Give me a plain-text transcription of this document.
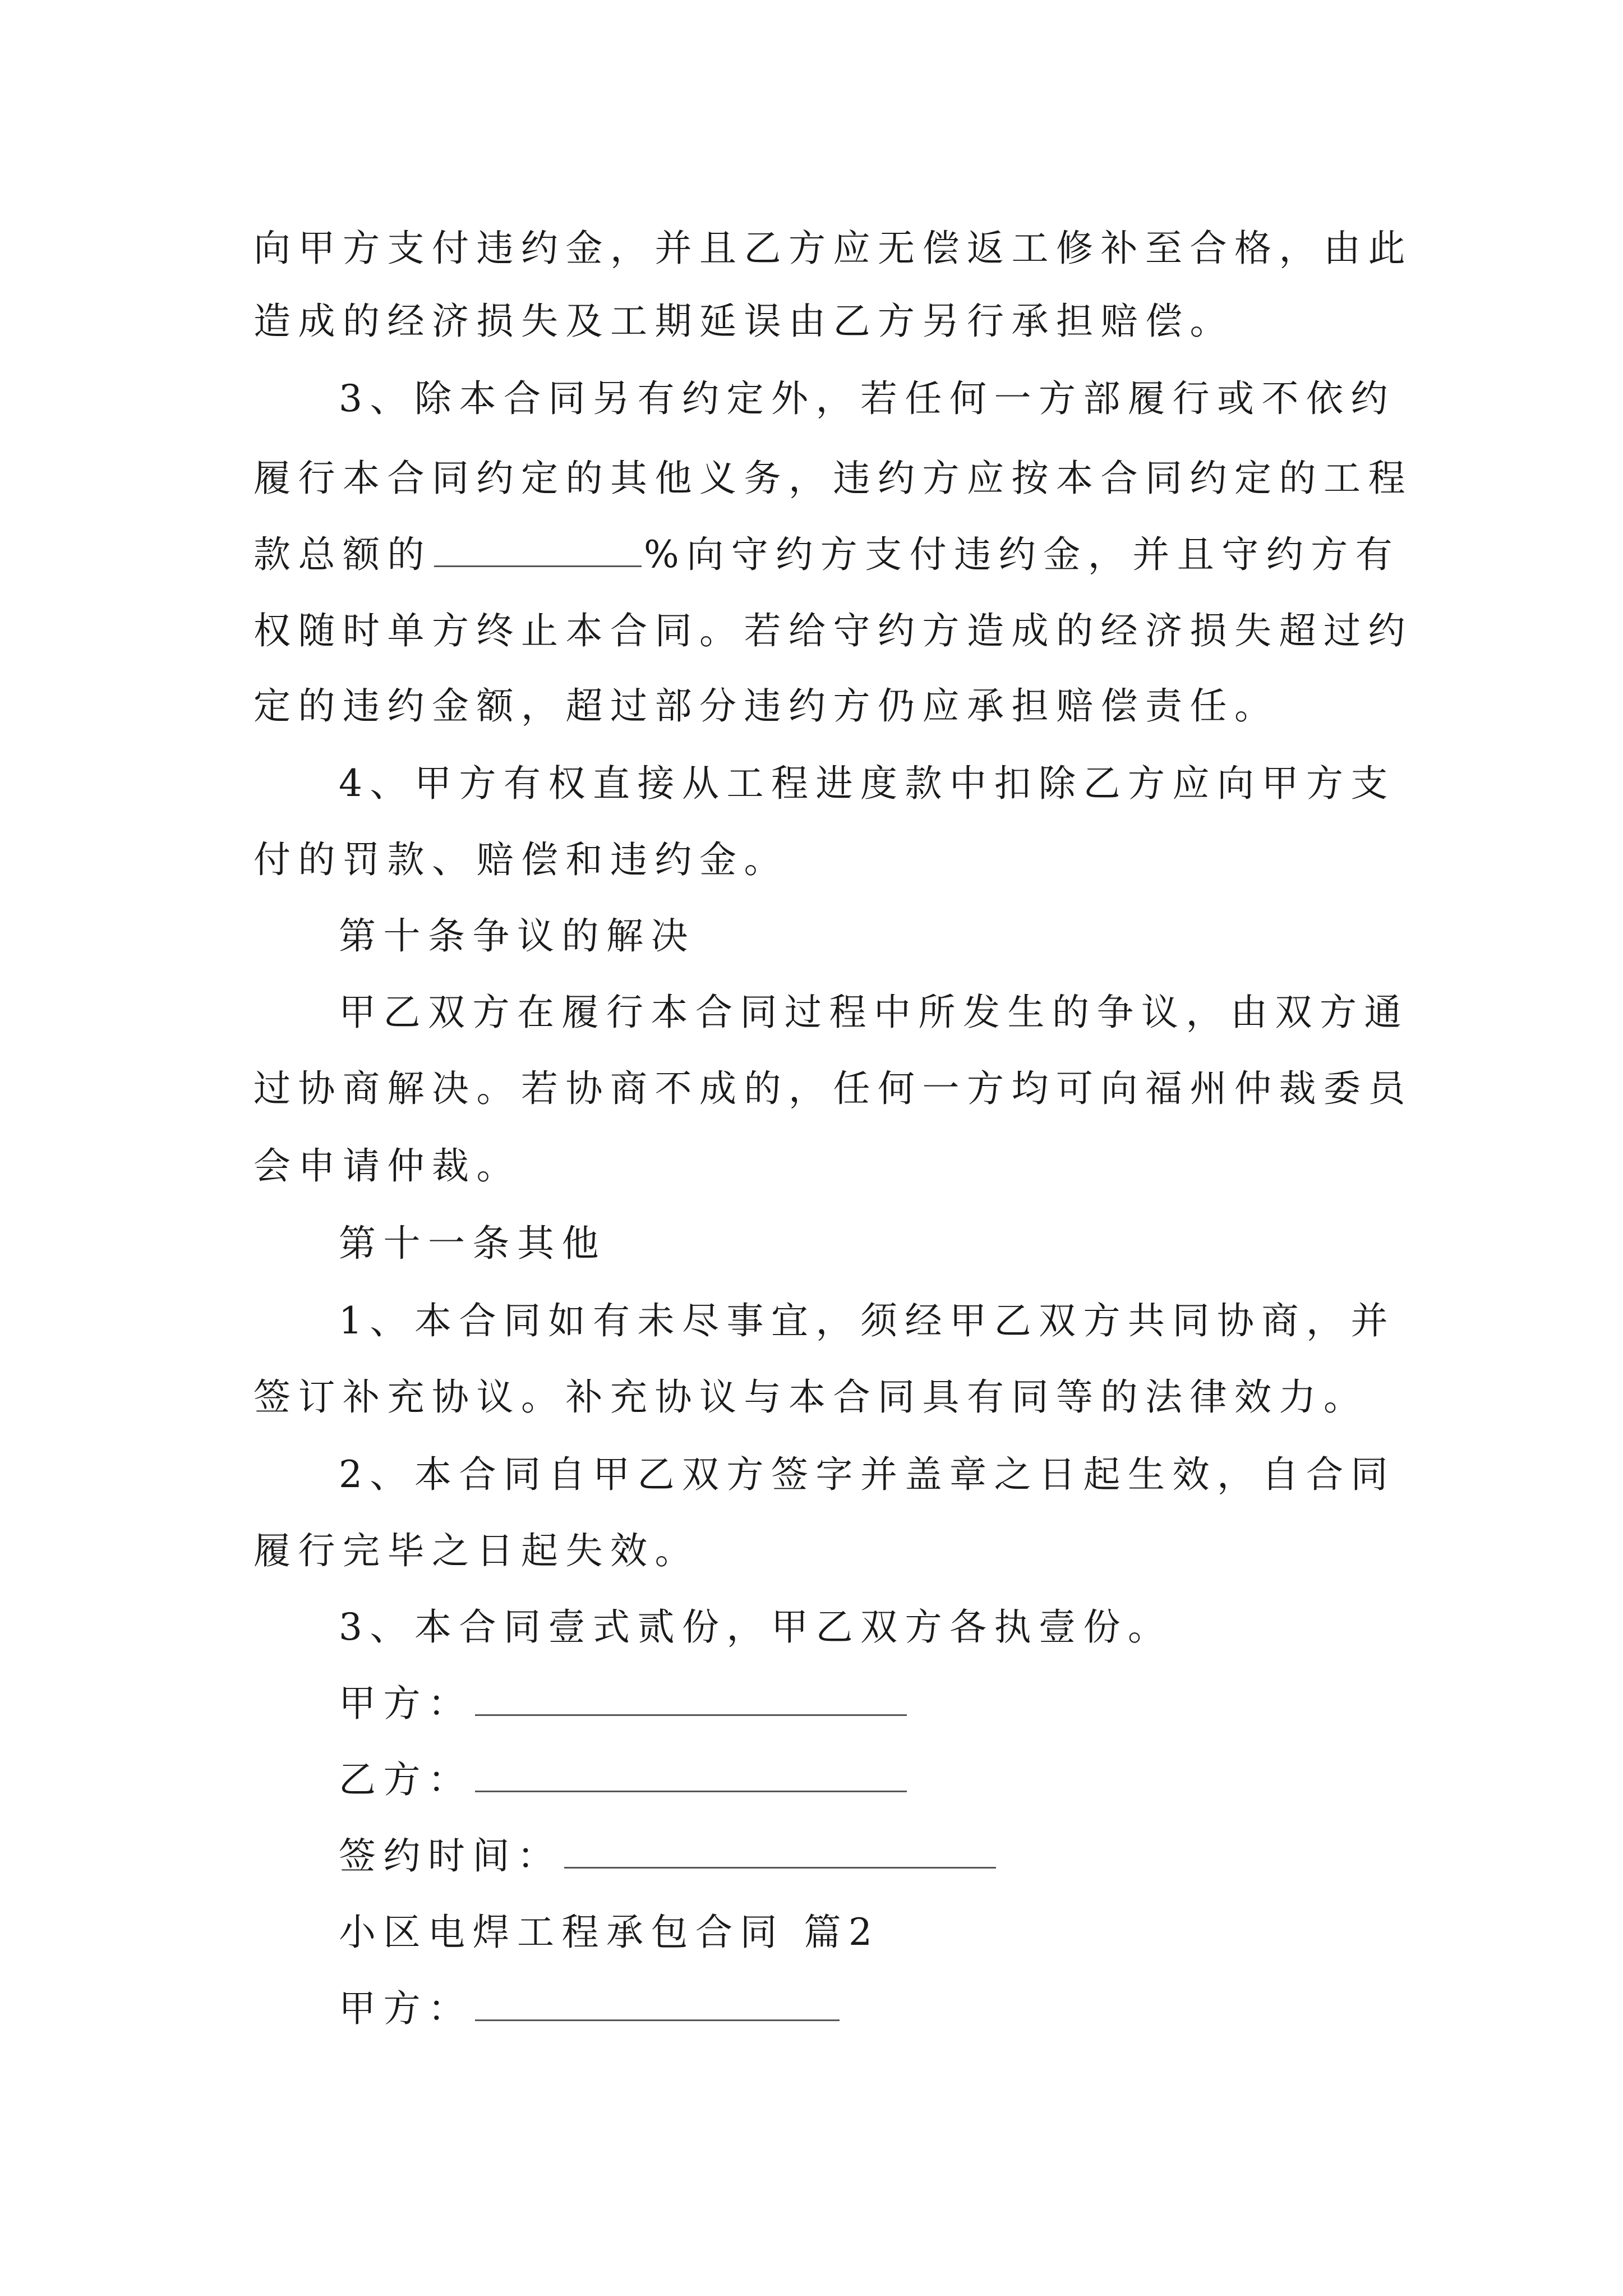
向甲方支付违约金，并且乙方应无偿返工修补至合格，由此
造成的经济损失及工期延误由乙方另行承担赔偿。
3、除本合同另有约定外，若任何一方部履行或不依约
履行本合同约定的其他义务，违约方应按本合同约定的工程
款总额的	%向守约方支付违约金，并且守约方有
权随时单方终止本合同。若给守约方造成的经济损失超过约
定的违约金额，超过部分违约方仍应承担赔偿责任。
4、甲方有权直接从工程进度款中扣除乙方应向甲方支
付的罚款、赔偿和违约金。
第十条争议的解决
甲乙双方在履行本合同过程中所发生的争议，由双方通
过协商解决。若协商不成的，任何一方均可向福州仲裁委员
会申请仲裁。
第十一条其他
1、本合同如有未尽事宜，须经甲乙双方共同协商，并
签订补充协议。补充协议与本合同具有同等的法律效力。
2、本合同自甲乙双方签字并盖章之日起生效，自合同
履行完毕之日起失效。
3、本合同壹式贰份，甲乙双方各执壹份。
甲方：
乙方：
签约时间：
小区电焊工程承包合同 篇2
甲方：
